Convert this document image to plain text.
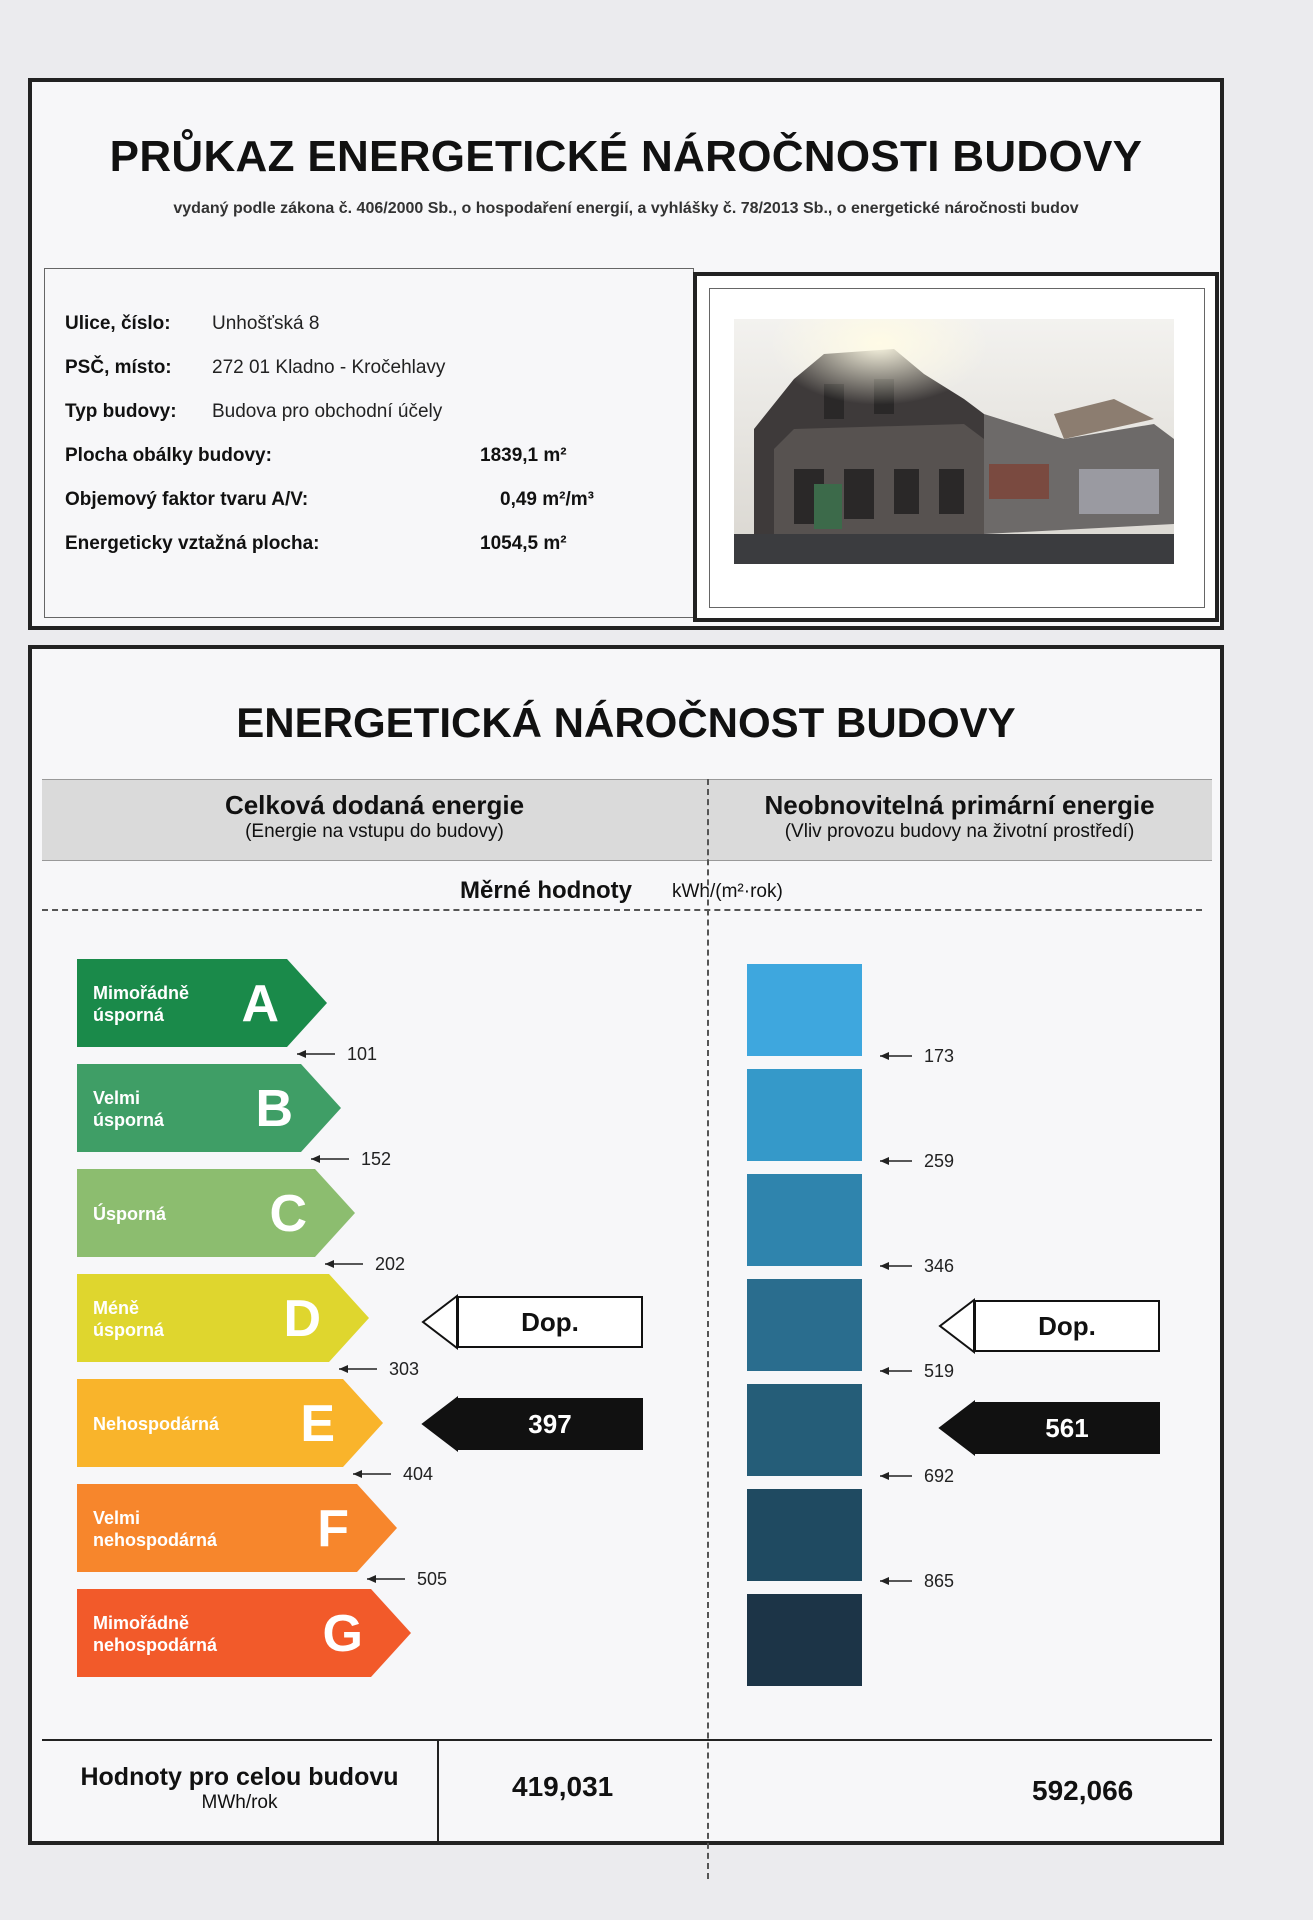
PRŮKAZ ENERGETICKÉ NÁROČNOSTI BUDOVY
vydaný podle zákona č. 406/2000 Sb., o hospodaření energií, a vyhlášky č. 78/2013 Sb., o energetické náročnosti budov
Ulice, číslo: Unhošťská 8
PSČ, místo: 272 01 Kladno - Kročehlavy
Typ budovy: Budova pro obchodní účely
Plocha obálky budovy:	1839,1 m²
Objemový faktor tvaru A/V:	0,49 m²/m³
Energeticky vztažná plocha:	1054,5 m²
ENERGETICKÁ NÁROČNOST BUDOVY
Celková dodaná energie
(Energie na vstupu do budovy)
Neobnovitelná primární energie
(Vliv provozu budovy na životní prostředí)
Měrné hodnoty kWh/(m²·rok)
Mimořádně
úsporná A
Velmi
úsporná B
Úsporná C
Méně
úsporná D
Nehospodárná E
Velmi
nehospodárná F
Mimořádně
nehospodárná G
101
152
202
303
404
505
173
259
346
519
692
865
Dop.
397
Dop.
561
Hodnoty pro celou budovu
MWh/rok
419,031	592,066
